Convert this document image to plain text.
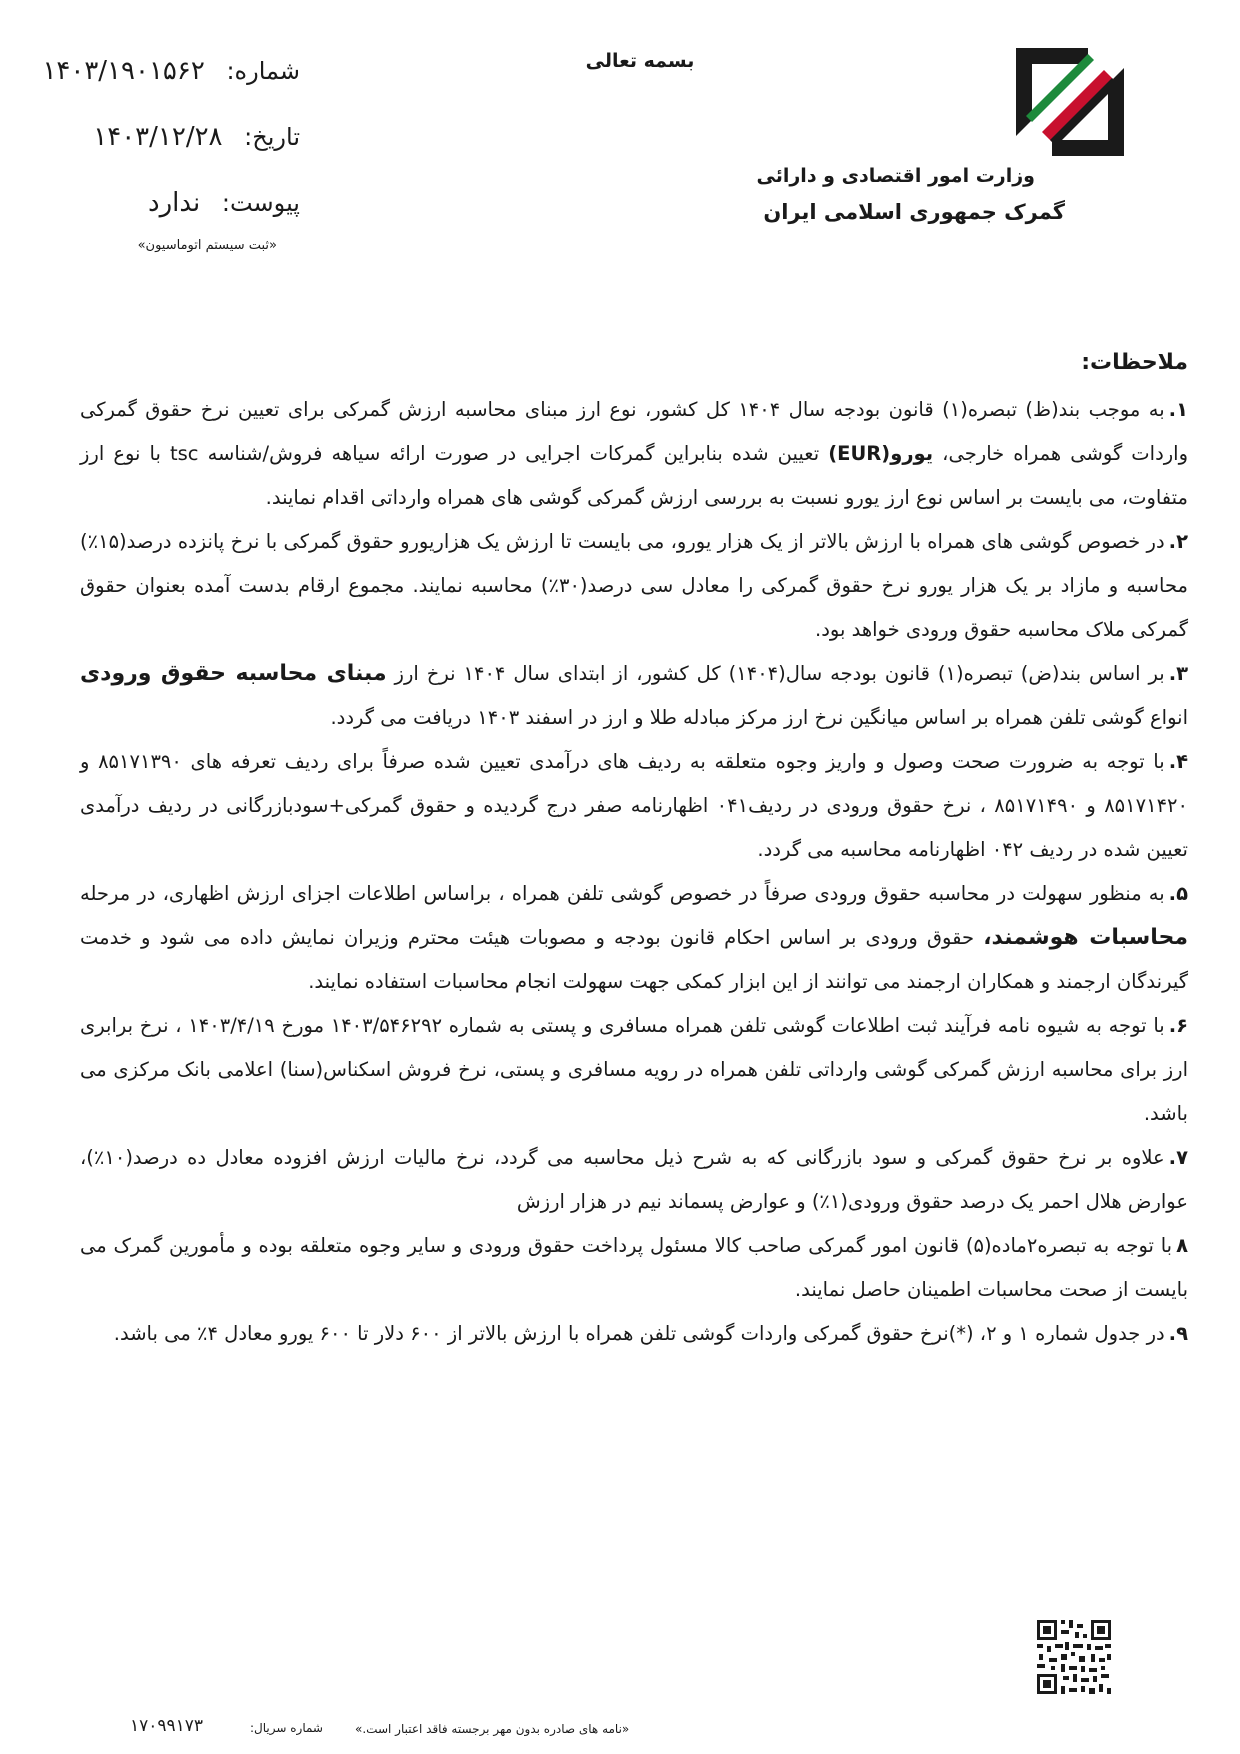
بسمه تعالی
وزارت امور اقتصادی و دارائی
گمرک جمهوری اسلامی ایران
شماره: ۱۴۰۳/۱۹۰۱۵۶۲
تاریخ: ۱۴۰۳/۱۲/۲۸
پیوست: ندارد
«ثبت سیستم اتوماسیون»
ملاحظات:

۱.به موجب بند(ظ) تبصره(۱) قانون بودجه سال ۱۴۰۴ کل کشور، نوع ارز مبنای محاسبه ارزش گمرکی برای تعیین نرخ حقوق گمرکی واردات گوشی همراه خارجی، یورو(EUR) تعیین شده بنابراین گمرکات اجرایی در صورت ارائه سیاهه فروش/شناسه tsc با نوع ارز متفاوت، می بایست بر اساس نوع ارز یورو نسبت به بررسی ارزش گمرکی گوشی های همراه وارداتی اقدام نمایند.

۲.در خصوص گوشی های همراه با ارزش بالاتر از یک هزار یورو، می بایست تا ارزش یک هزاریورو حقوق گمرکی با نرخ پانزده درصد(۱۵٪) محاسبه و مازاد بر یک هزار یورو نرخ حقوق گمرکی را معادل سی درصد(۳۰٪) محاسبه نمایند. مجموع ارقام بدست آمده بعنوان حقوق گمرکی ملاک محاسبه حقوق ورودی خواهد بود.

۳.بر اساس بند(ض) تبصره(۱) قانون بودجه سال(۱۴۰۴) کل کشور، از ابتدای سال ۱۴۰۴ نرخ ارز مبنای محاسبه حقوق ورودی انواع گوشی تلفن همراه بر اساس میانگین نرخ ارز مرکز مبادله طلا و ارز در اسفند ۱۴۰۳ دریافت می گردد.

۴.با توجه به ضرورت صحت وصول و واریز وجوه متعلقه به ردیف های درآمدی تعیین شده صرفاً برای ردیف تعرفه های ۸۵۱۷۱۳۹۰ و ۸۵۱۷۱۴۲۰ و ۸۵۱۷۱۴۹۰ ، نرخ حقوق ورودی در ردیف۰۴۱ اظهارنامه صفر درج گردیده و حقوق گمرکی+سودبازرگانی در ردیف درآمدی تعیین شده در ردیف ۰۴۲ اظهارنامه محاسبه می گردد.

۵.به منظور سهولت در محاسبه حقوق ورودی صرفاً در خصوص گوشی تلفن همراه ، براساس اطلاعات اجزای ارزش اظهاری، در مرحله محاسبات هوشمند، حقوق ورودی بر اساس احکام قانون بودجه و مصوبات هیئت محترم وزیران نمایش داده می شود و خدمت گیرندگان ارجمند و همکاران ارجمند می توانند از این ابزار کمکی جهت سهولت انجام محاسبات استفاده نمایند.

۶.با توجه به شیوه نامه فرآیند ثبت اطلاعات گوشی تلفن همراه مسافری و پستی به شماره ۱۴۰۳/۵۴۶۲۹۲ مورخ ۱۴۰۳/۴/۱۹ ، نرخ برابری ارز برای محاسبه ارزش گمرکی گوشی وارداتی تلفن همراه در رویه مسافری و پستی، نرخ فروش اسکناس(سنا) اعلامی بانک مرکزی می باشد.

۷.علاوه بر نرخ حقوق گمرکی و سود بازرگانی که به شرح ذیل محاسبه می گردد، نرخ مالیات ارزش افزوده معادل ده درصد(۱۰٪)، عوارض هلال احمر یک درصد حقوق ورودی(۱٪) و عوارض پسماند نیم در هزار ارزش

۸با توجه به تبصره۲ماده(۵) قانون امور گمرکی صاحب کالا مسئول پرداخت حقوق ورودی و سایر وجوه متعلقه بوده و مأمورین گمرک می بایست از صحت محاسبات اطمینان حاصل نمایند.

۹.در جدول شماره ۱ و ۲، (*)نرخ حقوق گمرکی واردات گوشی تلفن همراه با ارزش بالاتر از ۶۰۰ دلار تا ۶۰۰ یورو معادل ۴٪ می باشد.

«نامه های صادره بدون مهر برجسته فاقد اعتبار است.»
شماره سریال:
۱۷۰۹۹۱۷۳
